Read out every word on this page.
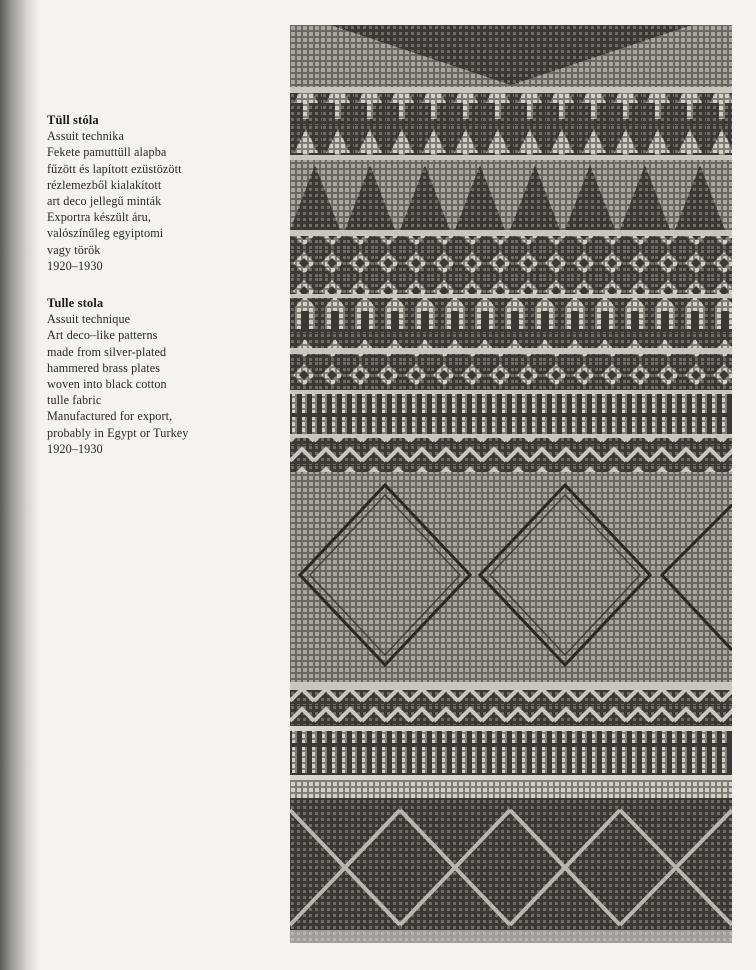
Tüll stóla
Assuit technika
Fekete pamuttüll alapba
fűzött és lapított ezüstözött
rézlemezből kialakított
art deco jellegű minták
Exportra készült áru,
valószínűleg egyiptomi
vagy török
1920–1930
Tulle stola
Assuit technique
Art deco–like patterns
made from silver-plated
hammered brass plates
woven into black cotton
tulle fabric
Manufactured for export,
probably in Egypt or Turkey
1920–1930
